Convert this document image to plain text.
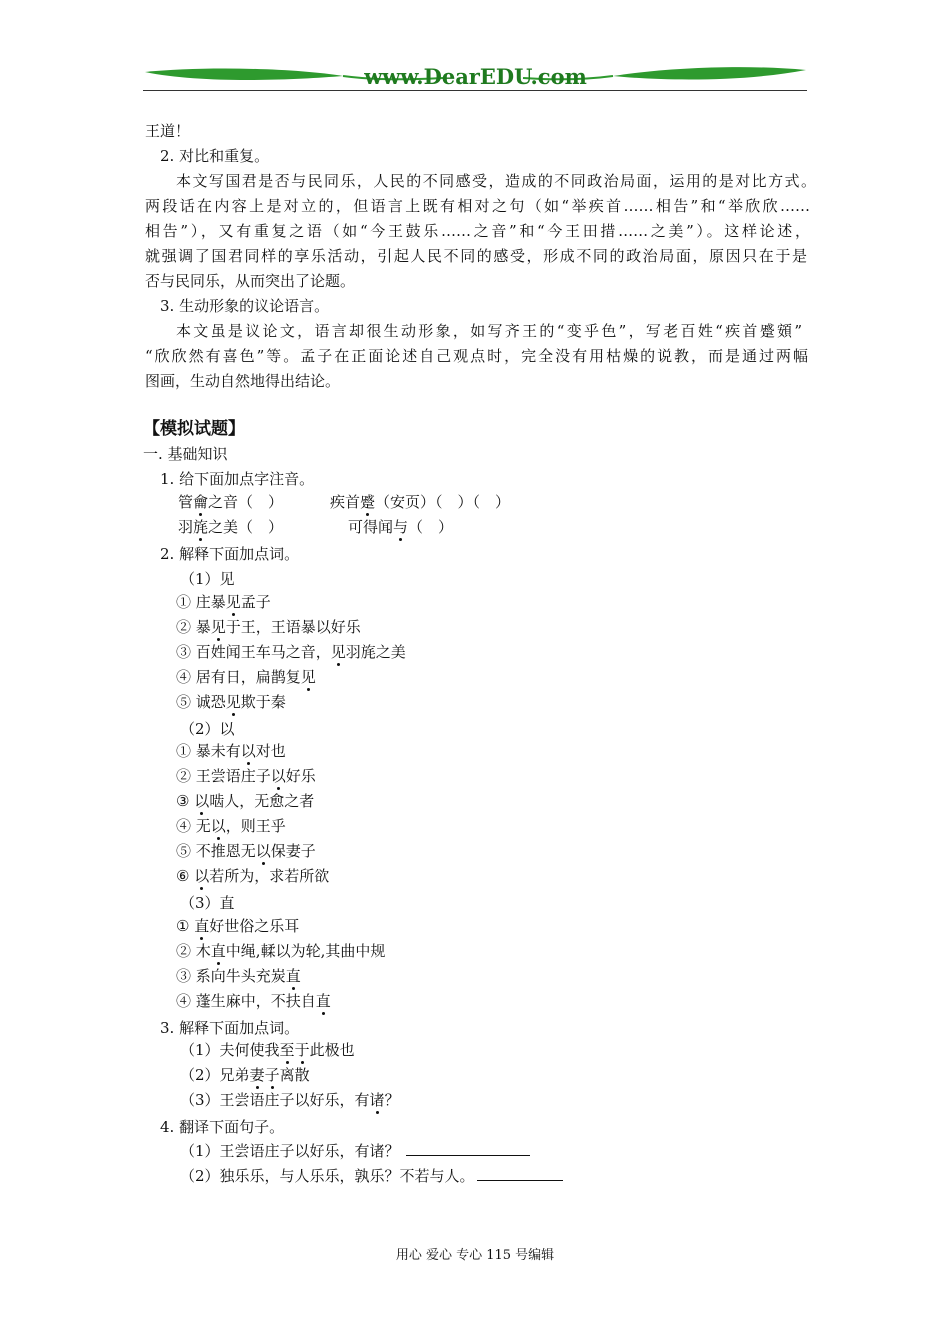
www.DearEDU.com
王道！
2. 对比和重复。
本文写国君是否与民同乐，人民的不同感受，造成的不同政治局面，运用的是对比方式。
两段话在内容上是对立的，但语言上既有相对之句（如“举疾首……相告”和“举欣欣……
相告”），又有重复之语（如“今王鼓乐……之音”和“今王田措……之美”）。这样论述，
就强调了国君同样的享乐活动，引起人民不同的感受，形成不同的政治局面，原因只在于是
否与民同乐，从而突出了论题。
3. 生动形象的议论语言。
本文虽是议论文，语言却很生动形象，如写齐王的“变乎色”，写老百姓“疾首蹙頞”
“欣欣然有喜色”等。孟子在正面论述自己观点时，完全没有用枯燥的说教，而是通过两幅
图画，生动自然地得出结论。
【模拟试题】
一. 基础知识
1. 给下面加点字注音。
管龠之音（　）	疾首蹙（安页）（　）（　）
羽旄之美（　）	可得闻与（　）
2. 解释下面加点词。
（1）见
① 庄暴见孟子
② 暴见于王，王语暴以好乐
③ 百姓闻王车马之音，见羽旄之美
④ 居有日，扁鹊复见
⑤ 诚恐见欺于秦
（2）以
① 暴未有以对也
② 王尝语庄子以好乐
③ 以啮人，无愈之者
④ 无以，则王乎
⑤ 不推恩无以保妻子
⑥ 以若所为，求若所欲
（3）直
① 直好世俗之乐耳
② 木直中绳,輮以为轮,其曲中规
③ 系向牛头充炭直
④ 蓬生麻中，不扶自直
3. 解释下面加点词。
（1）夫何使我至于此极也
（2）兄弟妻子离散
（3）王尝语庄子以好乐，有诸？
4. 翻译下面句子。
（1）王尝语庄子以好乐，有诸？
（2）独乐乐，与人乐乐，孰乐？不若与人。
用心 爱心 专心 115 号编辑
